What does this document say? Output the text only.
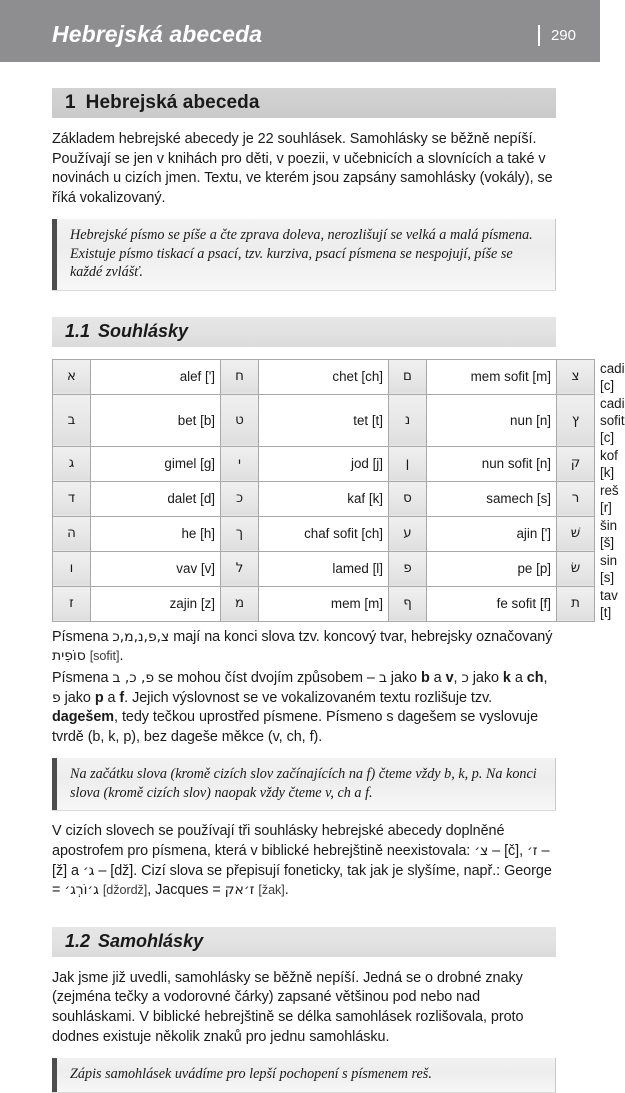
Hebrejská abeceda	290
1 Hebrejská abeceda

Základem hebrejské abecedy je 22 souhlásek. Samohlásky se běžně nepíší. Používají se jen v knihách pro děti, v poezii, v učebnicích a slovnících a také v novinách u cizích jmen. Textu, ve kterém jsou zapsány samohlásky (vokály), se říká vokalizovaný.

Hebrejské písmo se píše a čte zprava doleva, nerozlišují se velká a malá písmena. Existuje písmo tiskací a psací, tzv. kurziva, psací písmena se nespojují, píše se každé zvlášť.
1.1 Souhlásky
א	alef [']	ח	chet [ch]	ם	mem sofit [m]	צ	cadi [c]
ב	bet [b]	ט	tet [t]	נ	nun [n]	ץ	cadi sofit [c]
ג	gimel [g]	י	jod [j]	ן	nun sofit [n]	ק	kof [k]
ד	dalet [d]	כ	kaf [k]	ס	samech [s]	ר	reš [r]
ה	he [h]	ך	chaf sofit [ch]	ע	ajin [']	שׁ	šin [š]
ו	vav [v]	ל	lamed [l]	פ	pe [p]	שׂ	sin [s]
ז	zajin [z]	מ	mem [m]	ף	fe sofit [f]	ת	tav [t]

Písmena צ,פ,נ,מ,כ mají na konci slova tzv. koncový tvar, hebrejsky označovaný סוֹפִית [sofit].

Písmena פ, כ, ב se mohou číst dvojím způsobem – ב jako b a v, כ jako k a ch, פ jako p a f. Jejich výslovnost se ve vokalizovaném textu rozlišuje tzv. dagešem, tedy tečkou uprostřed písmene. Písmeno s dagešem se vyslovuje tvrdě (b, k, p), bez dageše měkce (v, ch, f).

Na začátku slova (kromě cizích slov začínajících na f) čteme vždy b, k, p. Na konci slova (kromě cizích slov) naopak vždy čteme v, ch a f.

V cizích slovech se používají tři souhlásky hebrejské abecedy doplněné apostrofem pro písmena, která v biblické hebrejštině neexistovala: צ׳ – [č], ז׳ – [ž] a ג׳ – [dž]. Cizí slova se přepisují foneticky, tak jak je slyšíme, např.: George = ג׳וֹרְג׳ [džordž], Jacques = ז׳אק [žak].

1.2 Samohlásky

Jak jsme již uvedli, samohlásky se běžně nepíší. Jedná se o drobné znaky (zejména tečky a vodorovné čárky) zapsané většinou pod nebo nad souhláskami. V biblické hebrejštině se délka samohlásek rozlišovala, proto dodnes existuje několik znaků pro jednu samohlásku.

Zápis samohlásek uvádíme pro lepší pochopení s písmenem reš.
